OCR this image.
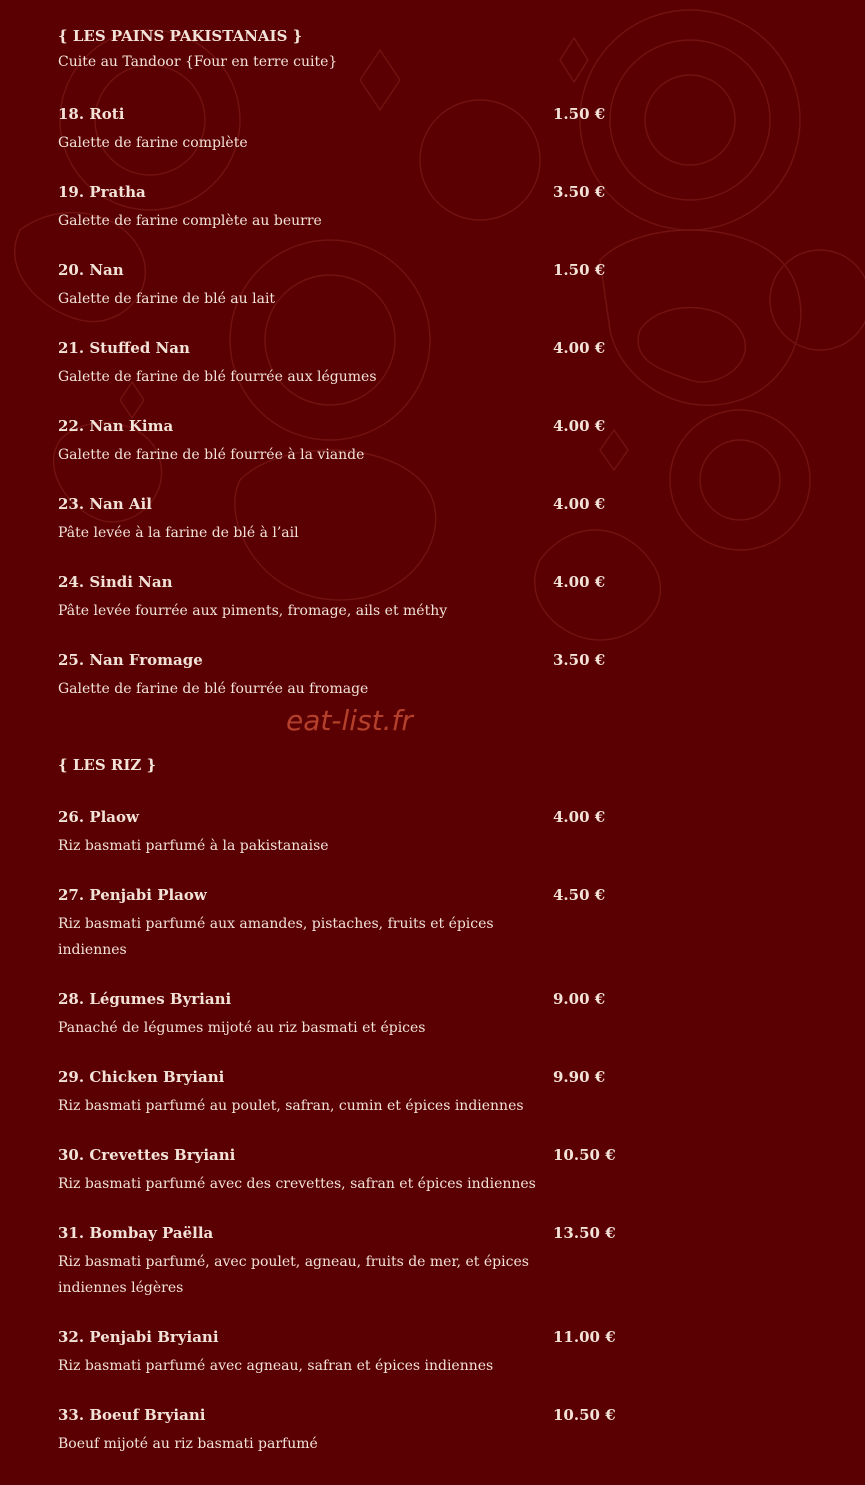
{ LES PAINS PAKISTANAIS }
Cuite au Tandoor {Four en terre cuite}
18. Roti	1.50 €
Galette de farine complète
19. Pratha	3.50 €
Galette de farine complète au beurre
20. Nan	1.50 €
Galette de farine de blé au lait
21. Stuffed Nan	4.00 €
Galette de farine de blé fourrée aux légumes
22. Nan Kima	4.00 €
Galette de farine de blé fourrée à la viande
23. Nan Ail	4.00 €
Pâte levée à la farine de blé à l’ail
24. Sindi Nan	4.00 €
Pâte levée fourrée aux piments, fromage, ails et méthy
25. Nan Fromage	3.50 €
Galette de farine de blé fourrée au fromage
{ LES RIZ }
26. Plaow	4.00 €
Riz basmati parfumé à la pakistanaise
27. Penjabi Plaow	4.50 €
Riz basmati parfumé aux amandes, pistaches, fruits et épices indiennes
28. Légumes Byriani	9.00 €
Panaché de légumes mijoté au riz basmati et épices
29. Chicken Bryiani	9.90 €
Riz basmati parfumé au poulet, safran, cumin et épices indiennes
30. Crevettes Bryiani	10.50 €
Riz basmati parfumé avec des crevettes, safran et épices indiennes
31. Bombay Paëlla	13.50 €
Riz basmati parfumé, avec poulet, agneau, fruits de mer, et épices indiennes légères
32. Penjabi Bryiani	11.00 €
Riz basmati parfumé avec agneau, safran et épices indiennes
33. Boeuf Bryiani	10.50 €
Boeuf mijoté au riz basmati parfumé
eat-list.fr
